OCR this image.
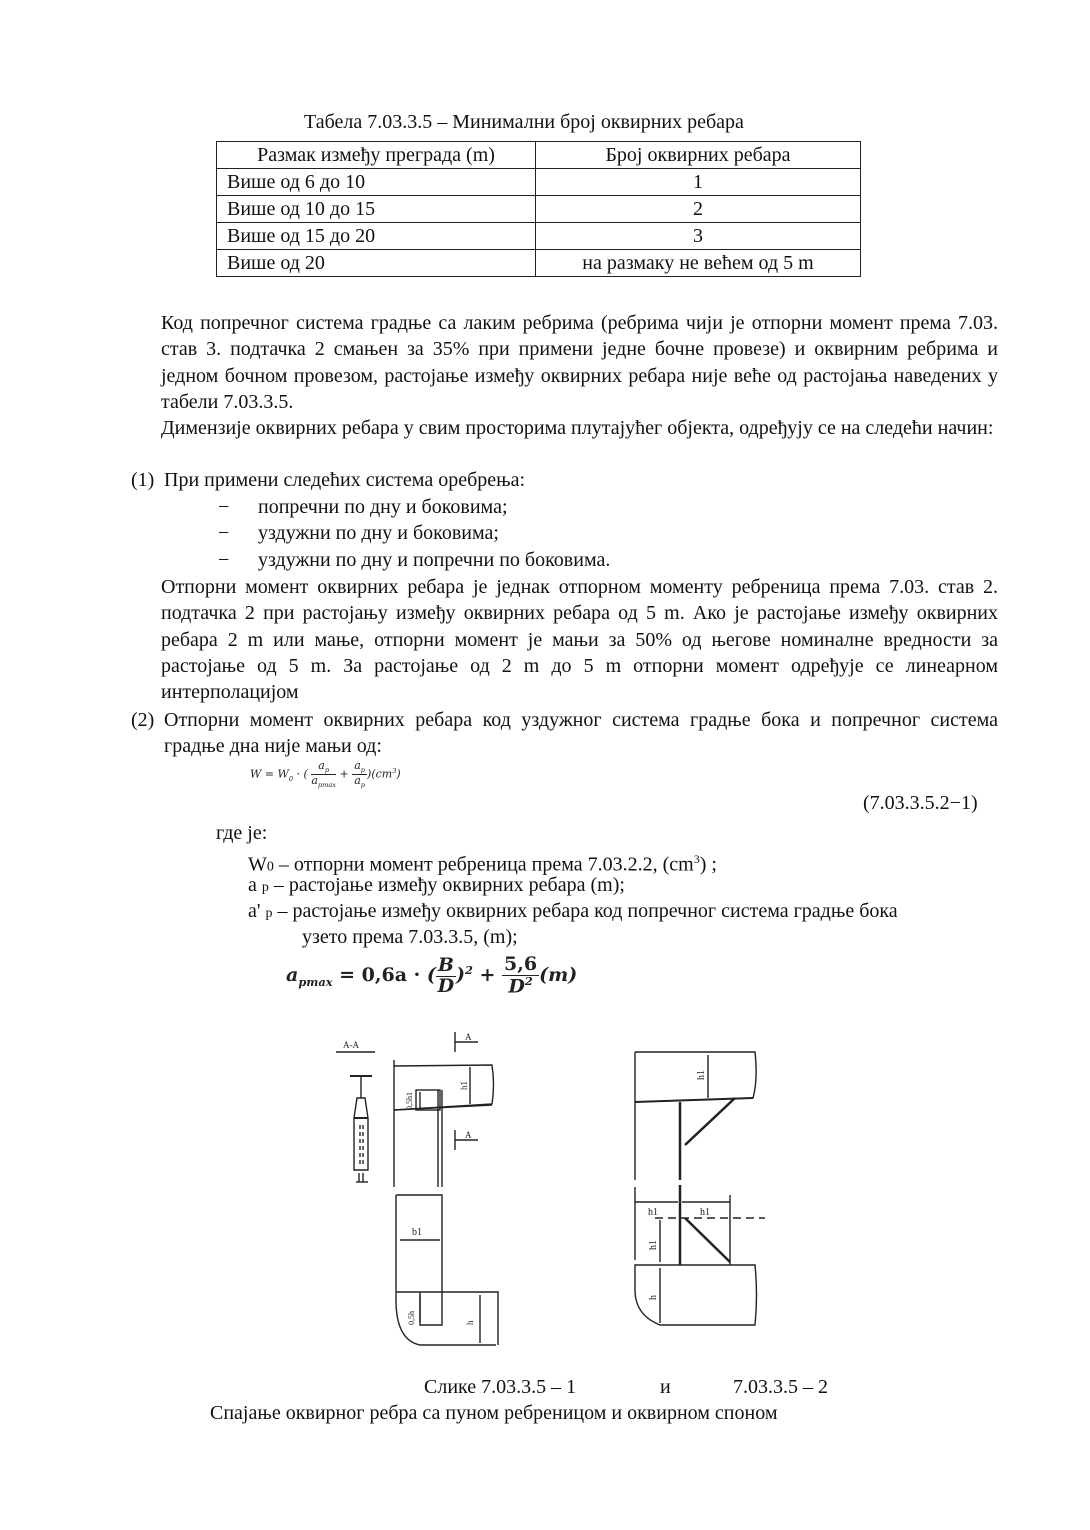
Табела 7.03.3.5 – Минимални број оквирних ребара
Размак између преграда (m)	Број оквирних ребара
Више од 6 до 10	1
Више од 10 до 15	2
Више од 15 до 20	3
Више од 20	на размаку не већем од 5 m
Код попречног система градње са лаким ребрима (ребрима чији је отпорни момент према 7.03. став 3. подтачка 2 смањен за 35% при примени једне бочне провезе) и оквирним ребрима и једном бочном провезом, растојање између оквирних ребара није веће од растојања наведених у табели 7.03.3.5.
Димензије оквирних ребара у свим просторима плутајућег објекта, одређују се на следећи начин:
(1) При примени следећих система оребрења:
− попречни по дну и боковима;
− уздужни по дну и боковима;
− уздужни по дну и попречни по боковима.
Отпорни момент оквирних ребара је једнак отпорном моменту ребреница према 7.03. став 2. подтачка 2 при растојању између оквирних ребара од 5 m. Ако је растојање између оквирних ребара 2 m или мање, отпорни момент је мањи за 50% од његове номиналне вредности за растојање од 5 m. За растојање од 2 m до 5 m отпорни момент одређује се линеарном интерполацијом
(2) Отпорни момент оквирних ребара код уздужног система градње бока и попречног система градње дна није мањи од:
$W = W_0$ · ( $\frac{a_p}{a_{pmax}} + \frac{a_p}{a_p} )(cm^3)$
(7.03.3.5.2−1)
где је:
W0 – отпорни момент ребреница према 7.03.2.2, $(cm^3)$ ;
a p – растојање између оквирних ребара (m);
a' p – растојање између оквирних ребара код попречног система градње бока
узето према 7.03.3.5, (m);
$a_{pmax} = 0,6a$ · ( $\frac{B}{D} )^2 + \frac{5,6}{D^2} (m)$
A-A
A
h1
0,5h1
A
b1
0,5h	h
h1
h1	h1
h1
h
Слике 7.03.3.5 – 1	и	7.03.3.5 – 2
Спајање оквирног ребра са пуном ребреницом и оквирном споном
